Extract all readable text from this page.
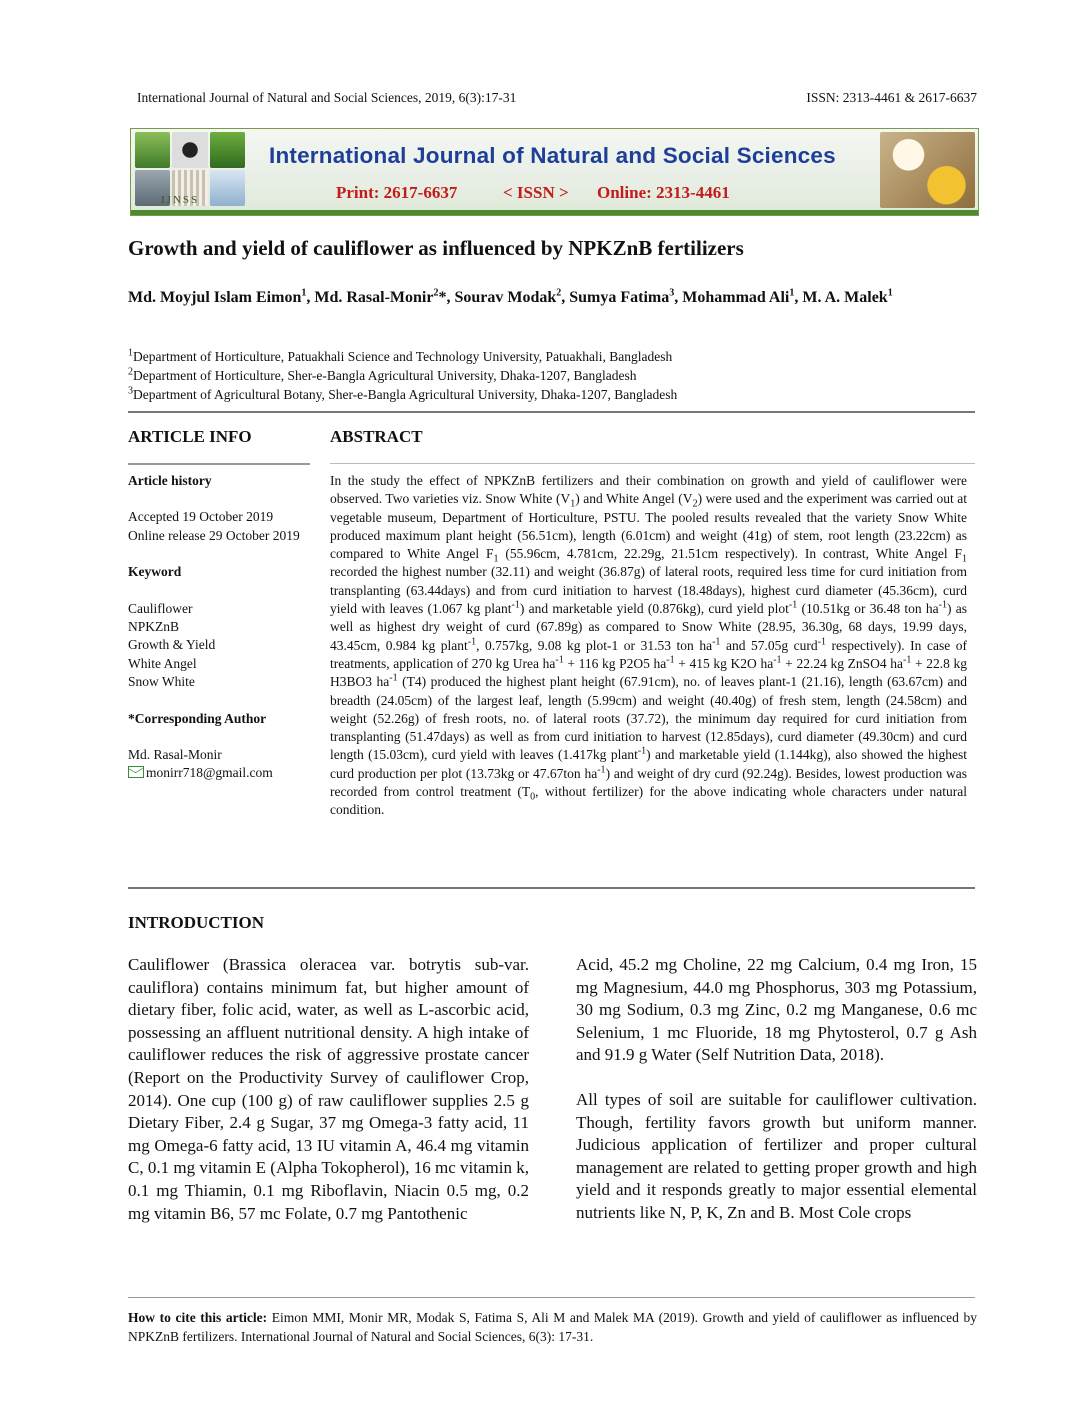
International Journal of Natural and Social Sciences, 2019, 6(3):17-31	ISSN: 2313-4461 & 2617-6637
IJNSS
International Journal of Natural and Social Sciences
Print: 2617-6637	< ISSN > Online: 2313-4461
Growth and yield of cauliflower as influenced by NPKZnB fertilizers
Md. Moyjul Islam Eimon$^1$, Md. Rasal-Monir$^2$*, Sourav Modak$^2$, Sumya Fatima$^3$, Mohammad Ali$^1$, M. A. Malek$^1$
$^1$Department of Horticulture, Patuakhali Science and Technology University, Patuakhali, Bangladesh
$^2$Department of Horticulture, Sher-e-Bangla Agricultural University, Dhaka-1207, Bangladesh
$^3$Department of Agricultural Botany, Sher-e-Bangla Agricultural University, Dhaka-1207, Bangladesh
ARTICLE INFO	ABSTRACT
Article history
Accepted 19 October 2019
Online release 29 October 2019
Keyword
Cauliflower
NPKZnB
Growth & Yield
White Angel
Snow White
*Corresponding Author
Md. Rasal-Monir
monirr718@gmail.com
In the study the effect of NPKZnB fertilizers and their combination on growth and yield of cauliflower were observed. Two varieties viz. Snow White $(V_1)$ and White Angel $(V_2)$ were used and the experiment was carried out at vegetable museum, Department of Horticulture, PSTU. The pooled results revealed that the variety Snow White produced maximum plant height (56.51cm), length (6.01cm) and weight (41g) of stem, root length (23.22cm) as compared to White Angel $F_1$ (55.96cm, 4.781cm, 22.29g, 21.51cm respectively). In contrast, White Angel $F_1$ recorded the highest number (32.11) and weight (36.87g) of lateral roots, required less time for curd initiation from transplanting (63.44days) and from curd initiation to harvest (18.48days), highest curd diameter (45.36cm), curd yield with leaves (1.067 kg plant$^{-1}$) and marketable yield (0.876kg), curd yield plot$^{-1}$ (10.51kg or 36.48 ton $ha^{-1}$) as well as highest dry weight of curd (67.89g) as compared to Snow White (28.95, 36.30g, 68 days, 19.99 days, 43.45cm, 0.984 kg plant$^{-1}$, 0.757kg, 9.08 kg plot-1 or 31.53 ton $ha^{-1}$ and 57.05g curd$^{-1}$ respectively). In case of treatments, application of 270 kg Urea $ha^{-1} + 116$ kg P2O5 $ha^{-1} + 415$ kg K2O $ha^{-1} + 22.24$ kg ZnSO4 $ha^{-1} + 22.8$ kg H3BO3 $ha^{-1}$ (T4) produced the highest plant height (67.91cm), no. of leaves plant-1 (21.16), length (63.67cm) and breadth (24.05cm) of the largest leaf, length (5.99cm) and weight (40.40g) of fresh stem, length (24.58cm) and weight (52.26g) of fresh roots, no. of lateral roots (37.72), the minimum day required for curd initiation from transplanting (51.47days) as well as from curd initiation to harvest (12.85days), curd diameter (49.30cm) and curd length (15.03cm), curd yield with leaves (1.417kg plant$^{-1}$) and marketable yield (1.144kg), also showed the highest curd production per plot (13.73kg or 47.67ton $ha^{-1}$) and weight of dry curd (92.24g). Besides, lowest production was recorded from control treatment ($T_0$, without fertilizer) for the above indicating whole characters under natural condition.
INTRODUCTION

Cauliflower (Brassica oleracea var. botrytis sub-var. cauliflora) contains minimum fat, but higher amount of dietary fiber, folic acid, water, as well as L-ascorbic acid, possessing an affluent nutritional density. A high intake of cauliflower reduces the risk of aggressive prostate cancer (Report on the Productivity Survey of cauliflower Crop, 2014). One cup (100 g) of raw cauliflower supplies 2.5 g Dietary Fiber, 2.4 g Sugar, 37 mg Omega-3 fatty acid, 11 mg Omega-6 fatty acid, 13 IU vitamin A, 46.4 mg vitamin C, 0.1 mg vitamin E (Alpha Tokopherol), 16 mc vitamin k, 0.1 mg Thiamin, 0.1 mg Riboflavin, Niacin 0.5 mg, 0.2 mg vitamin B6, 57 mc Folate, 0.7 mg Pantothenic

Acid, 45.2 mg Choline, 22 mg Calcium, 0.4 mg Iron, 15 mg Magnesium, 44.0 mg Phosphorus, 303 mg Potassium, 30 mg Sodium, 0.3 mg Zinc, 0.2 mg Manganese, 0.6 mc Selenium, 1 mc Fluoride, 18 mg Phytosterol, 0.7 g Ash and 91.9 g Water (Self Nutrition Data, 2018).

All types of soil are suitable for cauliflower cultivation. Though, fertility favors growth but uniform manner. Judicious application of fertilizer and proper cultural management are related to getting proper growth and high yield and it responds greatly to major essential elemental nutrients like N, P, K, Zn and B. Most Cole crops

How to cite this article: Eimon MMI, Monir MR, Modak S, Fatima S, Ali M and Malek MA (2019). Growth and yield of cauliflower as influenced by NPKZnB fertilizers. International Journal of Natural and Social Sciences, 6(3): 17-31.
